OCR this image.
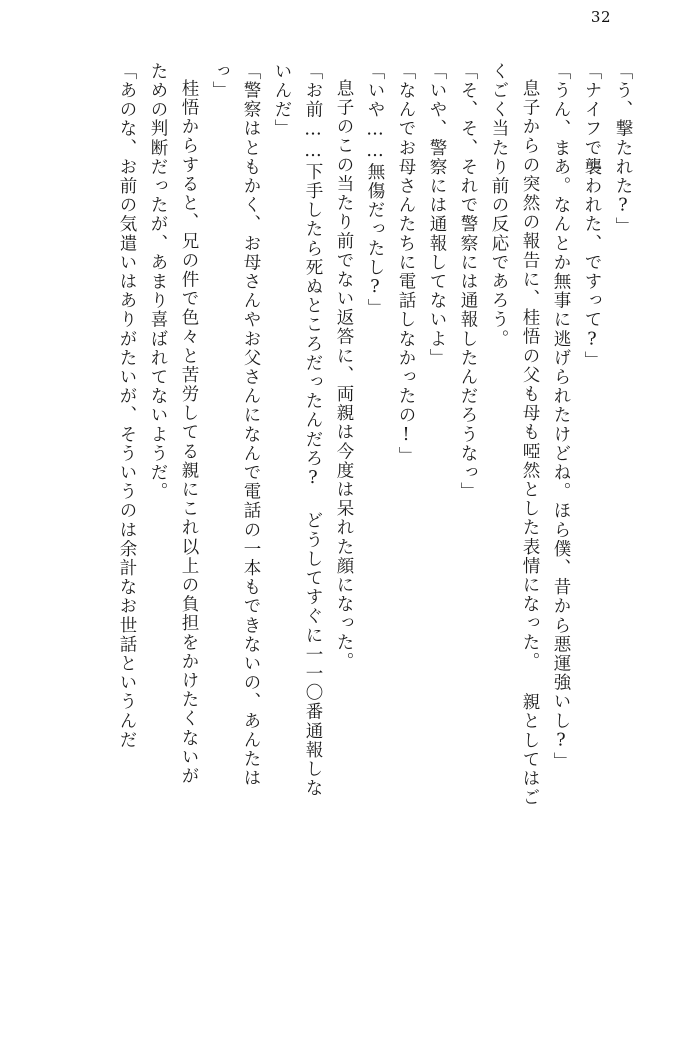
32
「う、撃たれた?」
「ナイフで襲われた、ですって?」
「うん、まあ。なんとか無事に逃げられたけどね。ほら僕、昔から悪運強いし?」
息子からの突然の報告に、桂悟の父も母も啞然とした表情になった。 親としてはご
くごく当たり前の反応であろう。
「そ、そ、それで警察には通報したんだろうなっ」
「いや、警察には通報してないよ」
「なんでお母さんたちに電話しなかったの!」
「いや……無傷だったし?」
息子のこの当たり前でない返答に、両親は今度は呆れた顔になった。
「お前……下手したら死ぬところだったんだろ? どうしてすぐに一一〇番通報しな
いんだ」
「警察はともかく、お母さんやお父さんになんで電話の一本もできないの、あんたは
っ」
桂悟からすると、兄の件で色々と苦労してる親にこれ以上の負担をかけたくないが
ための判断だったが、あまり喜ばれてないようだ。
「あのな、お前の気遣いはありがたいが、そういうのは余計なお世話というんだ
